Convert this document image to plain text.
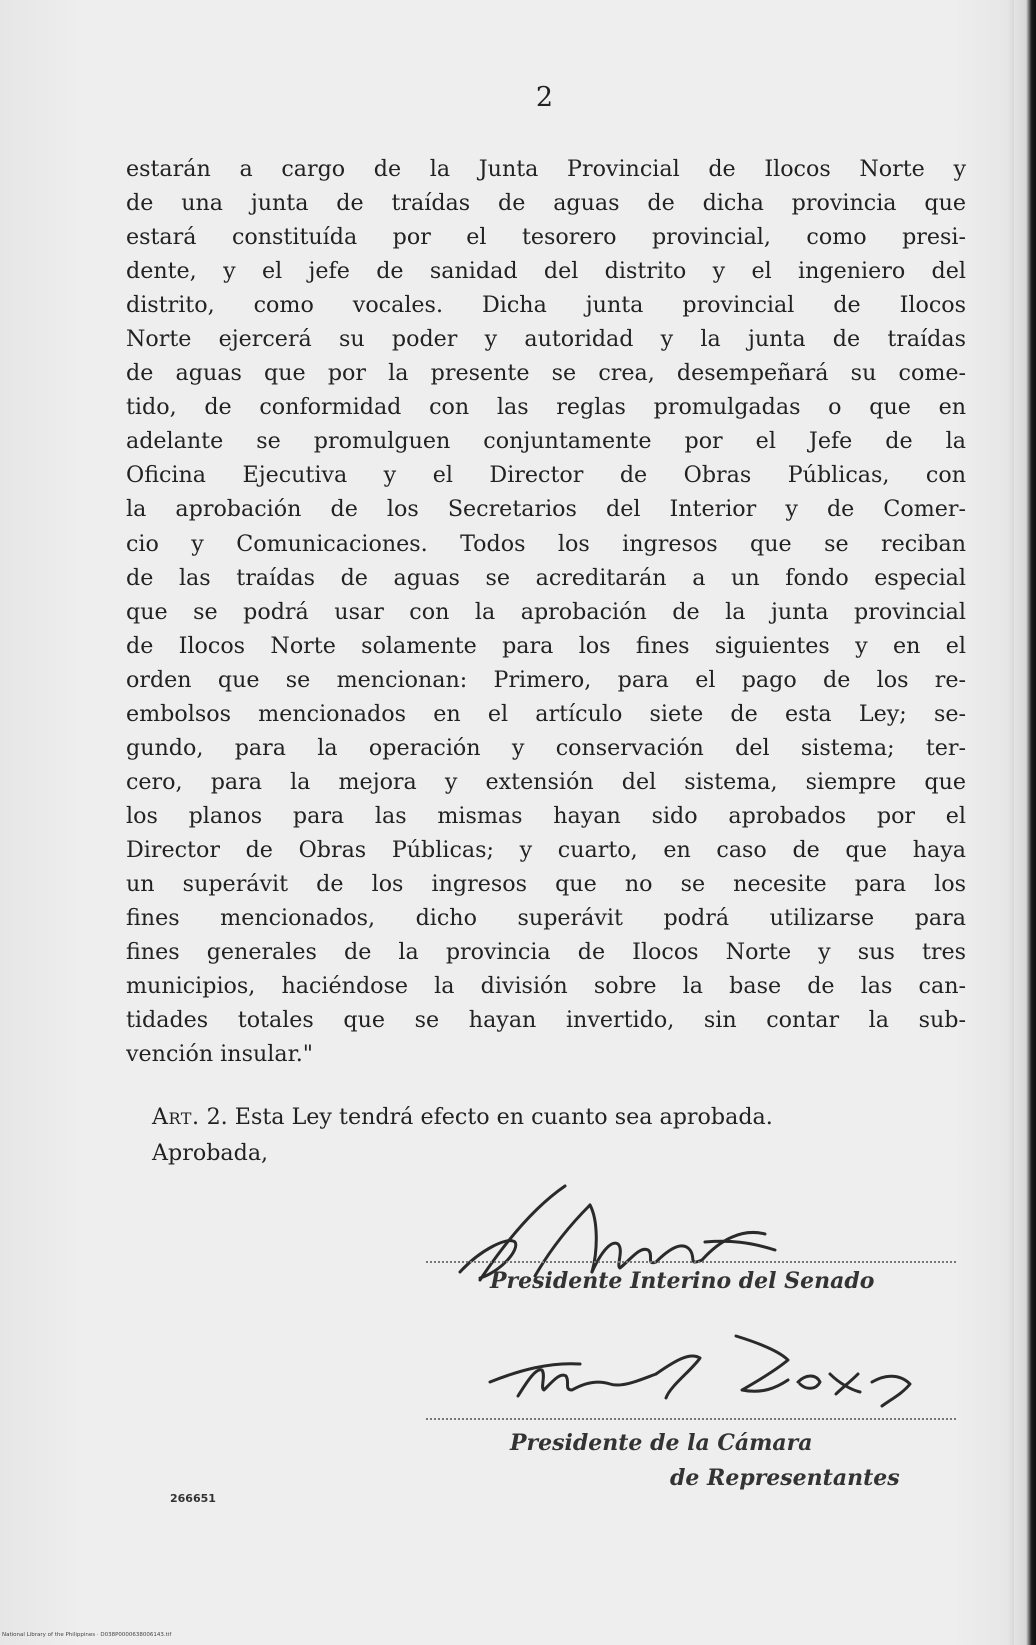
2
estarán a cargo de la Junta Provincial de Ilocos Norte y
de una junta de traídas de aguas de dicha provincia que
estará constituída por el tesorero provincial, como presi-
dente, y el jefe de sanidad del distrito y el ingeniero del
distrito, como vocales. Dicha junta provincial de Ilocos
Norte ejercerá su poder y autoridad y la junta de traídas
de aguas que por la presente se crea, desempeñará su come-
tido, de conformidad con las reglas promulgadas o que en
adelante se promulguen conjuntamente por el Jefe de la
Oficina Ejecutiva y el Director de Obras Públicas, con
la aprobación de los Secretarios del Interior y de Comer-
cio y Comunicaciones. Todos los ingresos que se reciban
de las traídas de aguas se acreditarán a un fondo especial
que se podrá usar con la aprobación de la junta provincial
de Ilocos Norte solamente para los fines siguientes y en el
orden que se mencionan: Primero, para el pago de los re-
embolsos mencionados en el artículo siete de esta Ley; se-
gundo, para la operación y conservación del sistema; ter-
cero, para la mejora y extensión del sistema, siempre que
los planos para las mismas hayan sido aprobados por el
Director de Obras Públicas; y cuarto, en caso de que haya
un superávit de los ingresos que no se necesite para los
fines mencionados, dicho superávit podrá utilizarse para
fines generales de la provincia de Ilocos Norte y sus tres
municipios, haciéndose la división sobre la base de las can-
tidades totales que se hayan invertido, sin contar la sub-
vención insular."
Art. 2. Esta Ley tendrá efecto en cuanto sea aprobada.
Aprobada,
Presidente Interino del Senado
Presidente de la Cámara
de Representantes
266651
National Library of the Philippines · D038P0000638006143.tif
